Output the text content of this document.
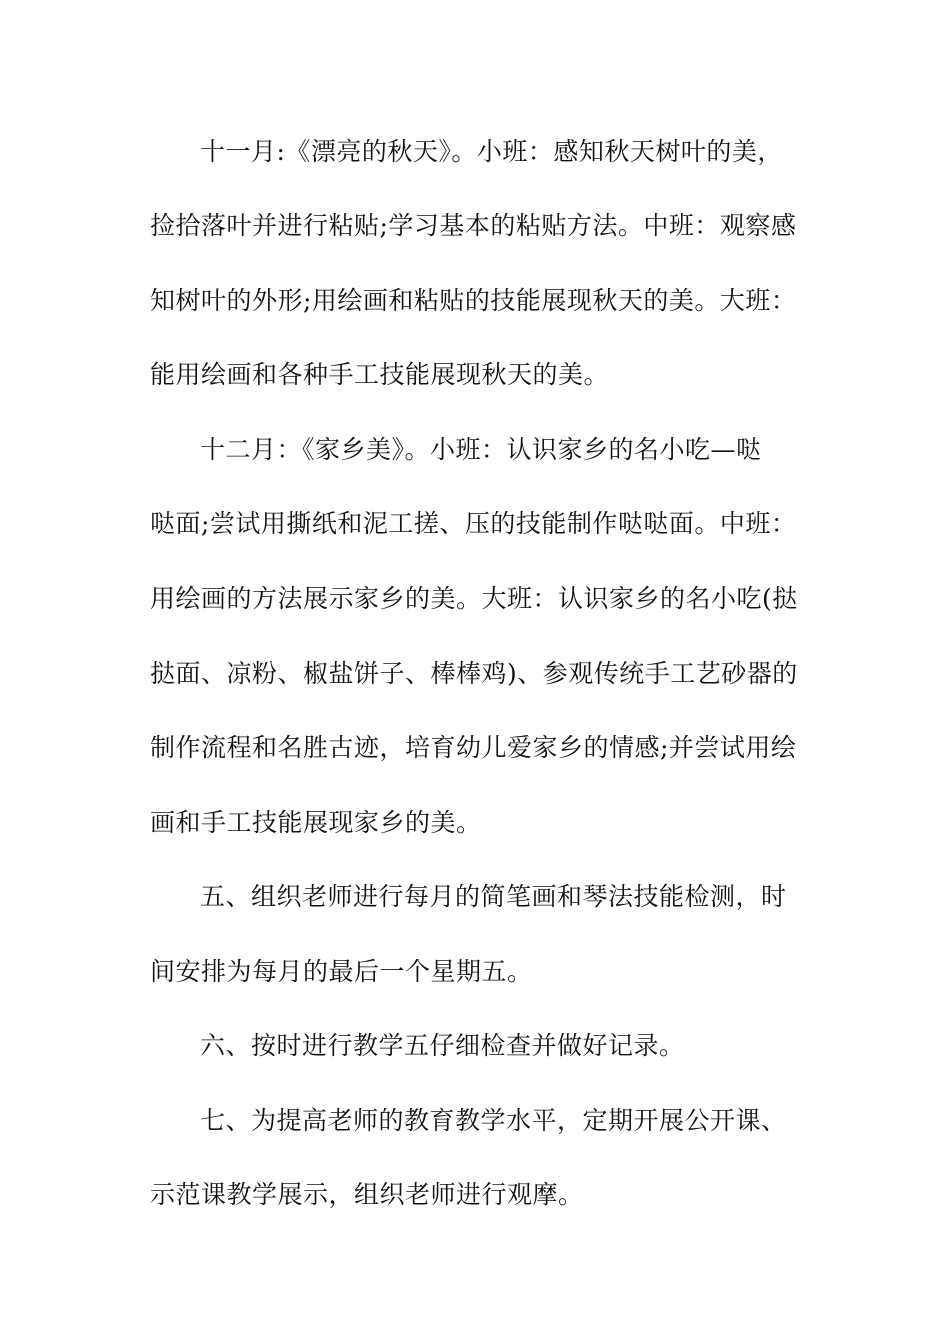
十一月:《漂亮的秋天》。小班：感知秋天树叶的美，
捡拾落叶并进行粘贴;学习基本的粘贴方法。中班：观察感
知树叶的外形;用绘画和粘贴的技能展现秋天的美。大班：
能用绘画和各种手工技能展现秋天的美。
十二月：《家乡美》。小班：认识家乡的名小吃—哒
哒面;尝试用撕纸和泥工搓、压的技能制作哒哒面。中班：
用绘画的方法展示家乡的美。大班：认识家乡的名小吃(挞
挞面、凉粉、椒盐饼子、棒棒鸡)、参观传统手工艺砂器的
制作流程和名胜古迹，培育幼儿爱家乡的情感;并尝试用绘
画和手工技能展现家乡的美。
五、组织老师进行每月的简笔画和琴法技能检测，时
间安排为每月的最后一个星期五。
六、按时进行教学五仔细检查并做好记录。
七、为提高老师的教育教学水平，定期开展公开课、
示范课教学展示，组织老师进行观摩。
